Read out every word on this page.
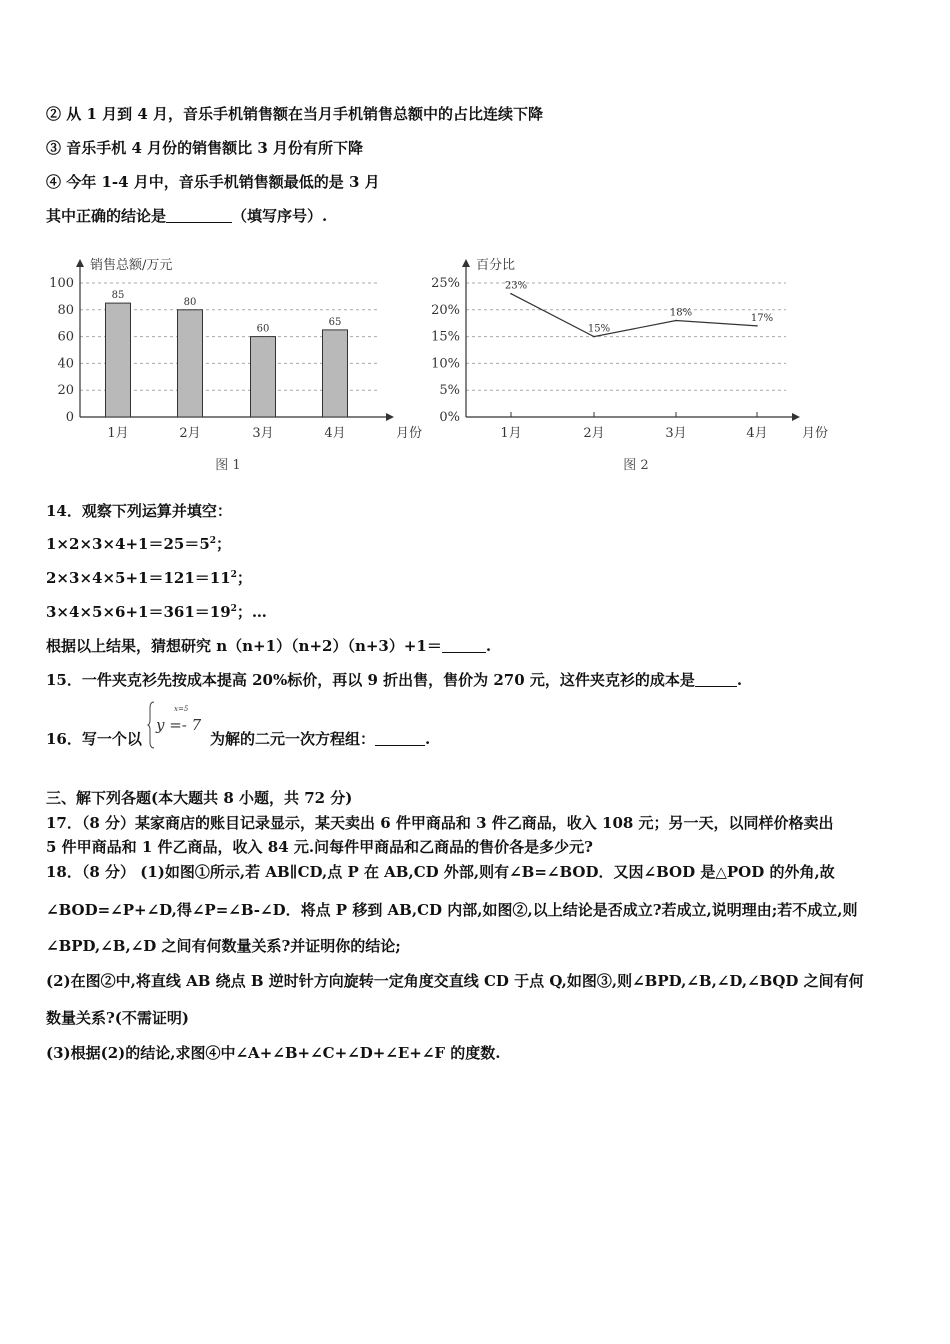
② 从 1 月到 4 月，音乐手机销售额在当月手机销售总额中的占比连续下降
③ 音乐手机 4 月份的销售额比 3 月份有所下降
④ 今年 1-4 月中，音乐手机销售额最低的是 3 月
其中正确的结论是	（填写序号）.
0
20
40
60
80
100
销售总额/万元
1月	2月	3月	4月	月份
图 1
85
80
60
65
0%
5%
10%
15%
20%
25%
百分比
1月	2月	3月	4月	月份
图 2
23%
15%
18%	17%
14．观察下列运算并填空：
$1\times 2\times 3\times 4+1=25=5^2$；
$2\times 3\times 4\times 5+1=121=11^2$；
$3\times 4\times 5\times 6+1=361=19^2$；…
根据以上结果，猜想研究 n（n+1）（n+2）（n+3）+1＝	.
15．一件夹克衫先按成本提高 20%标价，再以 9 折出售，售价为 270 元，这件夹克衫的成本是	.
16．写一个以
x=5
y =- 7
为解的二元一次方程组：	.
三、解下列各题(本大题共 8 小题，共 72 分)
17．（8 分）某家商店的账目记录显示，某天卖出 6 件甲商品和 3 件乙商品，收入 108 元；另一天，以同样价格卖出
5 件甲商品和 1 件乙商品，收入 84 元.问每件甲商品和乙商品的售价各是多少元?
18．（8 分） (1)如图①所示,若 AB∥CD,点 P 在 AB,CD 外部,则有∠B=∠BOD．又因∠BOD 是△POD 的外角,故
∠BOD=∠P+∠D,得∠P=∠B-∠D．将点 P 移到 AB,CD 内部,如图②,以上结论是否成立?若成立,说明理由;若不成立,则
∠BPD,∠B,∠D 之间有何数量关系?并证明你的结论;
(2)在图②中,将直线 AB 绕点 B 逆时针方向旋转一定角度交直线 CD 于点 Q,如图③,则∠BPD,∠B,∠D,∠BQD 之间有何
数量关系?(不需证明)
(3)根据(2)的结论,求图④中∠A+∠B+∠C+∠D+∠E+∠F 的度数.
